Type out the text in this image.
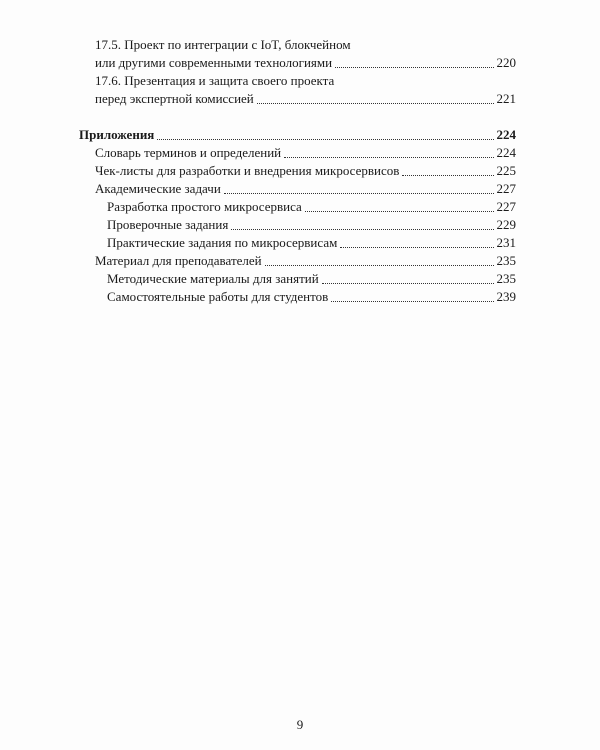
17.5. Проект по интеграции с IoT, блокчейном
или другими современными технологиями	220
17.6. Презентация и защита своего проекта
перед экспертной комиссией	221
Приложения	224
Словарь терминов и определений	224
Чек-листы для разработки и внедрения микросервисов	225
Академические задачи	227
Разработка простого микросервиса	227
Проверочные задания	229
Практические задания по микросервисам	231
Материал для преподавателей	235
Методические материалы для занятий	235
Самостоятельные работы для студентов	239
9
